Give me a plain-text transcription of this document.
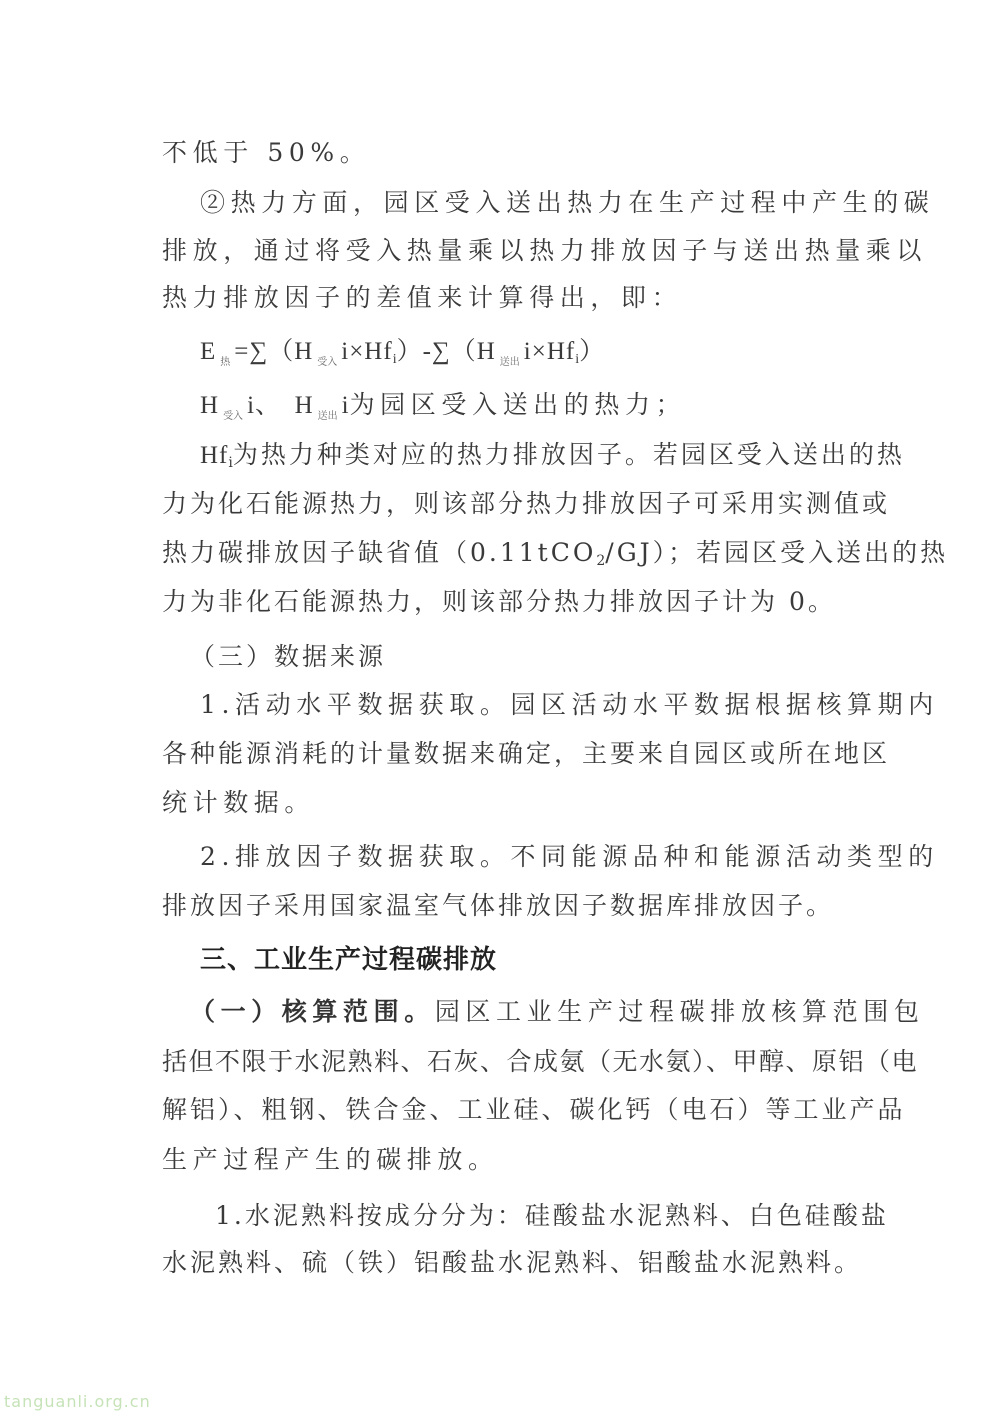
不低于 50%。
②热力方面，园区受入送出热力在生产过程中产生的碳
排放，通过将受入热量乘以热力排放因子与送出热量乘以
热力排放因子的差值来计算得出，即：
E $_热$ =∑（H $_{受入}$ i×Hfi）-∑（H $_{送出}$ i×Hfi）
H $_{受入}$ i、 H $_{送出}$ i为园区受入送出的热力；
Hfi为热力种类对应的热力排放因子。若园区受入送出的热
力为化石能源热力，则该部分热力排放因子可采用实测值或
热力碳排放因子缺省值（0.11tCO2/GJ）；若园区受入送出的热
力为非化石能源热力，则该部分热力排放因子计为 0。
（三）数据来源
1.活动水平数据获取。园区活动水平数据根据核算期内
各种能源消耗的计量数据来确定，主要来自园区或所在地区
统计数据。
2.排放因子数据获取。不同能源品种和能源活动类型的
排放因子采用国家温室气体排放因子数据库排放因子。
三、工业生产过程碳排放
（一）核算范围。园区工业生产过程碳排放核算范围包
括但不限于水泥熟料、石灰、合成氨（无水氨）、甲醇、原铝（电
解铝）、粗钢、铁合金、工业硅、碳化钙（电石）等工业产品
生产过程产生的碳排放。
1.水泥熟料按成分分为：硅酸盐水泥熟料、白色硅酸盐
水泥熟料、硫（铁）铝酸盐水泥熟料、铝酸盐水泥熟料。
tanguanli.org.cn
